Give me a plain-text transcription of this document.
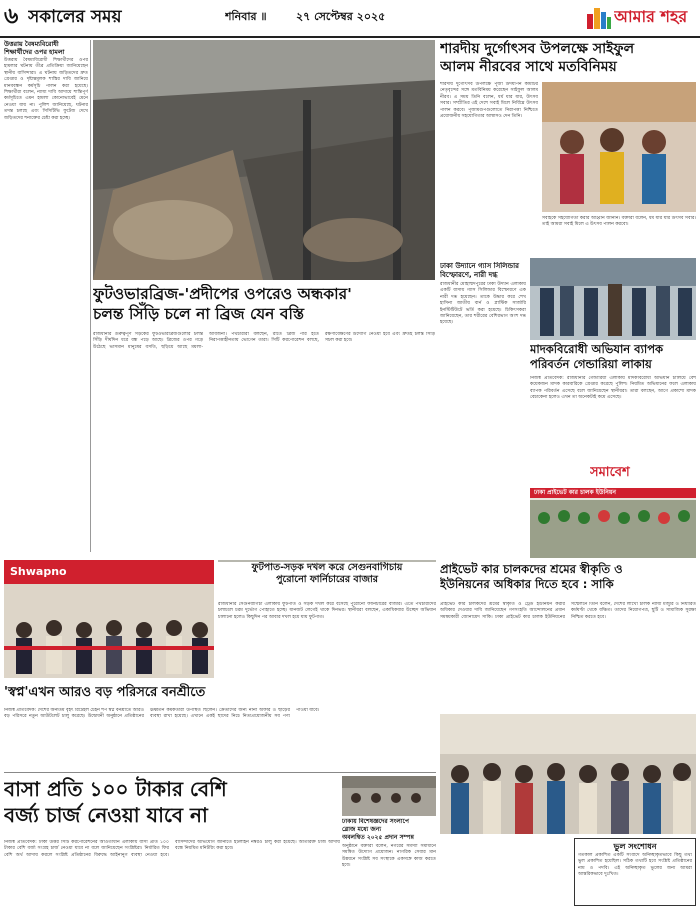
৬ সকালের সময়	শনিবার ॥	২৭ সেপ্টেম্বর ২০২৫	আমার শহর
উত্তরায় বৈষম্যবিরোধী শিক্ষার্থীদের ওপর হামলা
উত্তরায় বৈষম্যবিরোধী শিক্ষার্থীদের ওপর হামলার ঘটনায় তীব্র প্রতিক্রিয়া জানিয়েছেন স্থানীয় বাসিন্দারা। এ ঘটনায় জড়িতদের দ্রুত গ্রেপ্তার ও দৃষ্টান্তমূলক শাস্তির দাবি জানিয়ে মানববন্ধন কর্মসূচি পালন করা হয়েছে। শিক্ষার্থীরা বলেন, ন্যায্য দাবি আদায়ে শান্তিপূর্ণ কর্মসূচিতে এমন হামলা কোনোভাবেই মেনে নেওয়া যায় না। পুলিশ জানিয়েছে, ঘটনার তদন্ত চলছে এবং সিসিটিভি ফুটেজ দেখে জড়িতদের শনাক্তের চেষ্টা করা হচ্ছে।
শারদীয় দুর্গোৎসব উপলক্ষে সাইফুল
আলম নীরবের সাথে মতবিনিময়
শারদীয় দুর্গোৎসব উপলক্ষে পূজা উদযাপন কমিটির নেতৃবৃন্দের সঙ্গে মতবিনিময় করেছেন সাইফুল আলম নীরব। এ সময় তিনি বলেন, ধর্ম যার যার, উৎসব সবার। সম্প্রীতির এই দেশে সবাই মিলে নির্বিঘ্নে উৎসব পালন করবে। পূজামণ্ডপগুলোতে নিরাপত্তা নিশ্চিতে প্রয়োজনীয় সহযোগিতার আশ্বাসও দেন তিনি।
সবাইকে সহযোগিতা করার আহ্বান জানান। বক্তারা বলেন, ধর্ম যার যার উৎসব সবার। তাই আমরা সবাই মিলে এ উৎসব পালন করবো।
ফুটওভারব্রিজ-'প্রদীপের ওপরেও অন্ধকার'
চলন্ত সিঁড়ি চলে না ব্রিজ যেন বস্তি
রাজধানীর গুরুত্বপূর্ণ সড়কের ফুটওভারব্রিজগুলোর চলন্ত সিঁড়ি দীর্ঘদিন ধরে বন্ধ পড়ে আছে। ব্রিজের ওপর গড়ে উঠেছে ভাসমান মানুষের বসতি, ছড়িয়ে আছে ময়লা-আবর্জনা। পথচারীরা বলছেন, রাতে ব্রিজ পার হতে নিরাপত্তাহীনতায় ভোগেন তারা। সিটি করপোরেশন বলছে, রক্ষণাবেক্ষণের উদ্যোগ নেওয়া হবে এবং দ্রুতই চলন্ত সিঁড়ি সচল করা হবে।
ঢাকা উদ্যানে গ্যাস সিলিন্ডার
বিস্ফোরণে, নারী দগ্ধ
রাজধানীর মোহাম্মদপুরের ঢাকা উদ্যান এলাকায় একটি বাসায় গ্যাস সিলিন্ডার বিস্ফোরণে এক নারী দগ্ধ হয়েছেন। তাকে উদ্ধার করে শেখ হাসিনা জাতীয় বার্ন ও প্লাস্টিক সার্জারি ইনস্টিটিউটে ভর্তি করা হয়েছে। চিকিৎসকরা জানিয়েছেন, তার শরীরের বেশিরভাগ অংশ দগ্ধ হয়েছে।
মাদকবিরোধী অভিযান ব্যাপক
পরিবর্তন গেন্ডারিয়া লাকায়
নিজস্ব প্রতিবেদক: রাজধানীর গেন্ডারিয়া এলাকায় মাদকবিরোধী অভিযান চালিয়ে বেশ কয়েকজন মাদক কারবারিকে গ্রেপ্তার করেছে পুলিশ। নিয়মিত অভিযানের ফলে এলাকায় ব্যাপক পরিবর্তন এসেছে বলে জানিয়েছেন স্থানীয়রা। তারা বলছেন, আগে প্রকাশ্যে মাদক বেচাকেনা হলেও এখন তা অনেকটাই কমে এসেছে।
সমাবেশ
ঢাকা প্রাইভেট কার চালক ইউনিয়ন
Shwapno	ফুটপাত-সড়ক দখল করে সেগুনবাগিচায়
পুরোনো ফার্নিচারের বাজার
রাজধানীর সেগুনবাগিচা এলাকায় ফুটপাত ও সড়ক দখল করে বসেছে পুরোনো ফার্নিচারের বাজার। এতে পথচারীদের চলাচলে চরম দুর্ভোগ পোহাতে হচ্ছে। যানজট লেগেই থাকে দিনভর। স্থানীয়রা বলছেন, একাধিকবার উচ্ছেদ অভিযান চালানো হলেও কিছুদিন পর আবার দখল হয়ে যায় ফুটপাত।
প্রাইভেট কার চালকদের শ্রমের স্বীকৃতি ও
ইউনিয়নের অধিকার দিতে হবে : সাকি
প্রাইভেট কার চালকদের শ্রমের স্বীকৃতি ও ট্রেড ইউনিয়ন করার অধিকার দেওয়ার দাবি জানিয়েছেন গণসংহতি আন্দোলনের প্রধান সমন্বয়কারী জোনায়েদ সাকি। ঢাকা প্রাইভেট কার চালক ইউনিয়নের সম্মেলনে তিনি বলেন, দেশের লাখো চালক ন্যায্য মজুরি ও নির্ধারিত কর্মঘণ্টা থেকে বঞ্চিত। তাদের নিয়োগপত্র, ছুটি ও সামাজিক সুরক্ষা নিশ্চিত করতে হবে।
'স্বপ্ন'এখন আরও বড় পরিসরে বনশ্রীতে
নিজস্ব প্রতিবেদক: দেশের অন্যতম বৃহৎ রিটেইল চেইন শপ স্বপ্ন বনশ্রীতে আরও বড় পরিসরে নতুন আউটলেট চালু করেছে। উদ্বোধনী অনুষ্ঠানে প্রতিষ্ঠানের ঊর্ধ্বতন কর্মকর্তারা উপস্থিত ছিলেন। ক্রেতাদের জন্য নানা অফার ও ছাড়ের ব্যবস্থা রাখা হয়েছে। এখানে একই ছাদের নিচে নিত্যপ্রয়োজনীয় সব পণ্য পাওয়া যাবে।
বাসা প্রতি ১০০ টাকার বেশি
বর্জ্য চার্জ নেওয়া যাবে না
নিজস্ব প্রতিবেদক: ঢাকা উত্তর সিটি করপোরেশনের আওতাধীন এলাকায় বাসা প্রতি ১০০ টাকার বেশি বর্জ্য সংগ্রহ চার্জ নেওয়া যাবে না বলে জানিয়েছেন সংশ্লিষ্টরা। নির্ধারিত ফির বেশি অর্থ আদায় করলে সংশ্লিষ্ট প্রতিষ্ঠানের বিরুদ্ধে আইনানুগ ব্যবস্থা নেওয়া হবে। বাসিন্দাদের অভিযোগ জানাতে হটলাইন নম্বরও চালু করা হয়েছে। অতিরিক্ত চার্জ আদায় বন্ধে নিয়মিত মনিটরিং করা হবে।
ঢাকায় বিশেষজ্ঞদের সংলাপে
ব্লোজ মধ্যে জন্য
অবলম্বিত ২০২৫ প্রদান সম্পন্ন
অনুষ্ঠানে বক্তারা বলেন, নগরের সমস্যা সমাধানে সমন্বিত উদ্যোগ প্রয়োজন। নাগরিক সেবার মান উন্নয়নে সংশ্লিষ্ট সব সংস্থাকে একসঙ্গে কাজ করতে হবে।
ভুল সংশোধন
গতকাল প্রকাশিত একটি সংবাদে অনিচ্ছাকৃতভাবে কিছু তথ্য ভুল প্রকাশিত হয়েছিল। সঠিক তথ্যটি হবে সংশ্লিষ্ট প্রতিষ্ঠানের নাম ও পদবি। এই অনিচ্ছাকৃত ভুলের জন্য আমরা আন্তরিকভাবে দুঃখিত।
